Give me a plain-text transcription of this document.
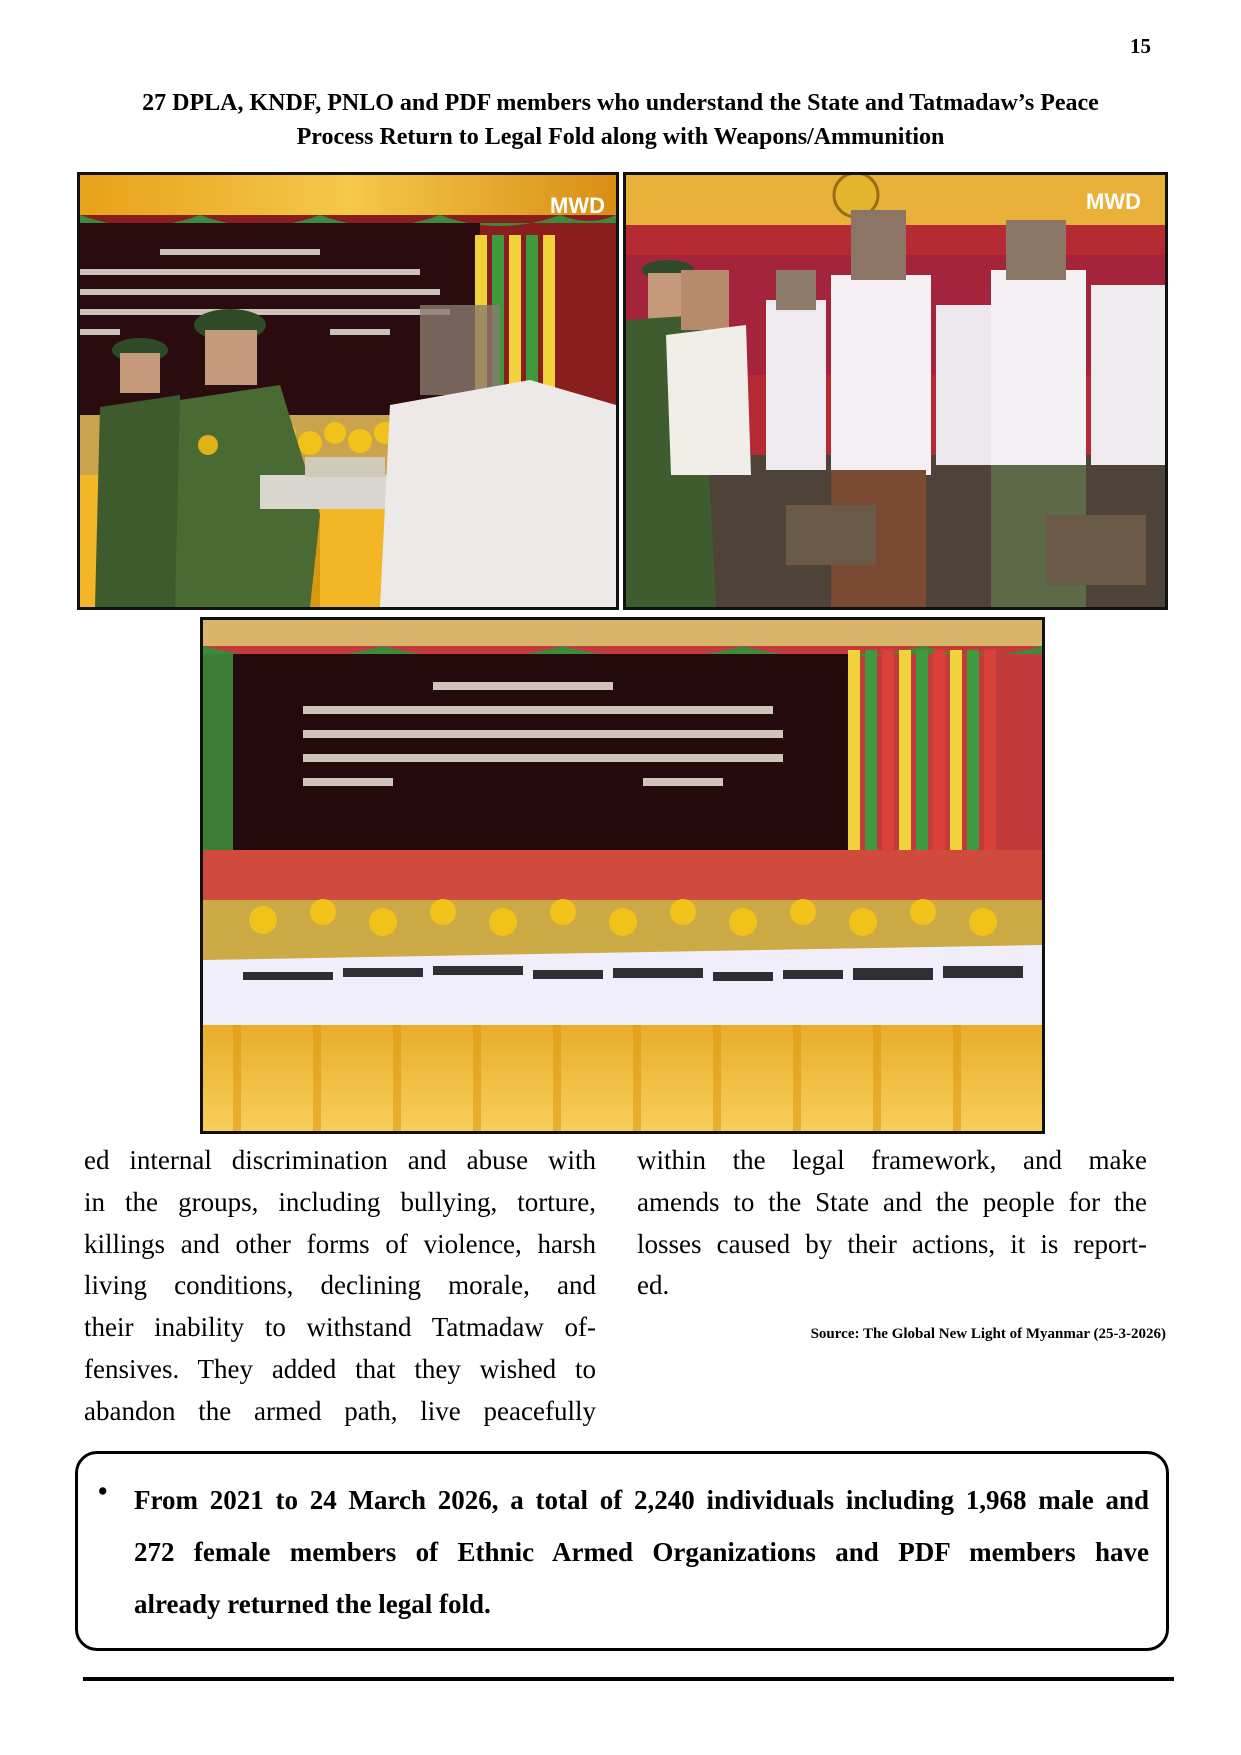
15
27 DPLA, KNDF, PNLO and PDF members who understand the State and Tatmadaw’s Peace
Process Return to Legal Fold along with Weapons/Ammunition
MWD	MWD
ed internal discrimination and abuse with
in the groups, including bullying, torture,
killings and other forms of violence, harsh
living conditions, declining morale, and
their inability to withstand Tatmadaw of-
fensives. They added that they wished to
abandon the armed path, live peacefully
within the legal framework, and make
amends to the State and the people for the
losses caused by their actions, it is report-
ed.
Source: The Global New Light of Myanmar (25-3-2026)
• From 2021 to 24 March 2026, a total of 2,240 individuals including 1,968 male and
272 female members of Ethnic Armed Organizations and PDF members have
already returned the legal fold.
